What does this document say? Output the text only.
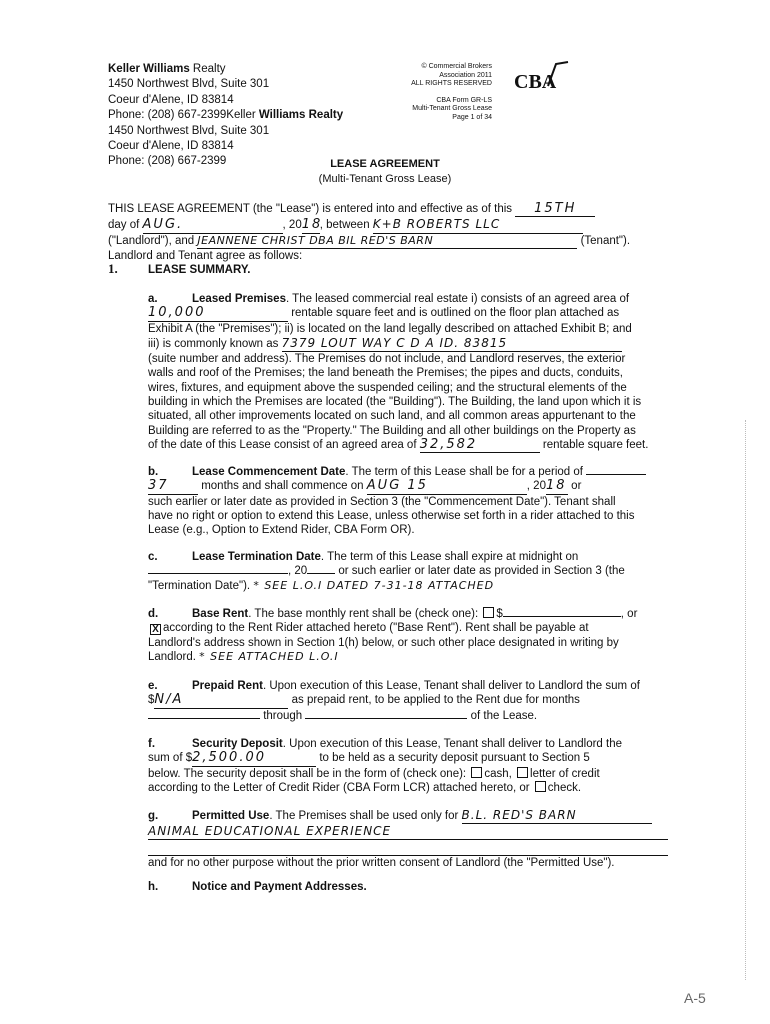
Keller Williams Realty
1450 Northwest Blvd, Suite 301
Coeur d'Alene, ID 83814
Phone: (208) 667-2399Keller Williams Realty
1450 Northwest Blvd, Suite 301
Coeur d'Alene, ID 83814
Phone: (208) 667-2399
© Commercial Brokers
Association 2011
ALL RIGHTS RESERVED
CBA Form GR-LS
Multi-Tenant Gross Lease
Page 1 of 34
CBA
LEASE AGREEMENT
(Multi-Tenant Gross Lease)
THIS LEASE AGREEMENT (the "Lease") is entered into and effective as of this 15TH
day of AUG.	, 2018, between K+B ROBERTS LLC
("Landlord"), and JEANNENE CHRIST DBA BIL RED'S BARN	(Tenant").
Landlord and Tenant agree as follows:
1.	LEASE SUMMARY.
a.	Leased Premises. The leased commercial real estate i) consists of an agreed area of
10,000	rentable square feet and is outlined on the floor plan attached as
Exhibit A (the "Premises"); ii) is located on the land legally described on attached Exhibit B; and
iii) is commonly known as 7379 LOUT WAY C D A ID. 83815
(suite number and address). The Premises do not include, and Landlord reserves, the exterior
walls and roof of the Premises; the land beneath the Premises; the pipes and ducts, conduits,
wires, fixtures, and equipment above the suspended ceiling; and the structural elements of the
building in which the Premises are located (the "Building"). The Building, the land upon which it is
situated, all other improvements located on such land, and all common areas appurtenant to the
Building are referred to as the "Property." The Building and all other buildings on the Property as
of the date of this Lease consist of an agreed area of 32,582	rentable square feet.
b.	Lease Commencement Date. The term of this Lease shall be for a period of
37	months and shall commence on AUG 15	, 2018 or
such earlier or later date as provided in Section 3 (the "Commencement Date"). Tenant shall
have no right or option to extend this Lease, unless otherwise set forth in a rider attached to this
Lease (e.g., Option to Extend Rider, CBA Form OR).
c.	Lease Termination Date. The term of this Lease shall expire at midnight on
, 20	or such earlier or later date as provided in Section 3 (the
"Termination Date"). * SEE L.O.I DATED 7-31-18 ATTACHED
d.	Base Rent. The base monthly rent shall be (check one): $	, or
X according to the Rent Rider attached hereto ("Base Rent"). Rent shall be payable at
Landlord's address shown in Section 1(h) below, or such other place designated in writing by
Landlord. * SEE ATTACHED L.O.I
e.	Prepaid Rent. Upon execution of this Lease, Tenant shall deliver to Landlord the sum of
$N/A	as prepaid rent, to be applied to the Rent due for months
through	of the Lease.
f.	Security Deposit. Upon execution of this Lease, Tenant shall deliver to Landlord the
sum of $2,500.00	to be held as a security deposit pursuant to Section 5
below. The security deposit shall be in the form of (check one): cash, letter of credit
according to the Letter of Credit Rider (CBA Form LCR) attached hereto, or check.
g.	Permitted Use. The Premises shall be used only for B.L. RED'S BARN
ANIMAL EDUCATIONAL EXPERIENCE
and for no other purpose without the prior written consent of Landlord (the "Permitted Use").
h.	Notice and Payment Addresses.
A-5
